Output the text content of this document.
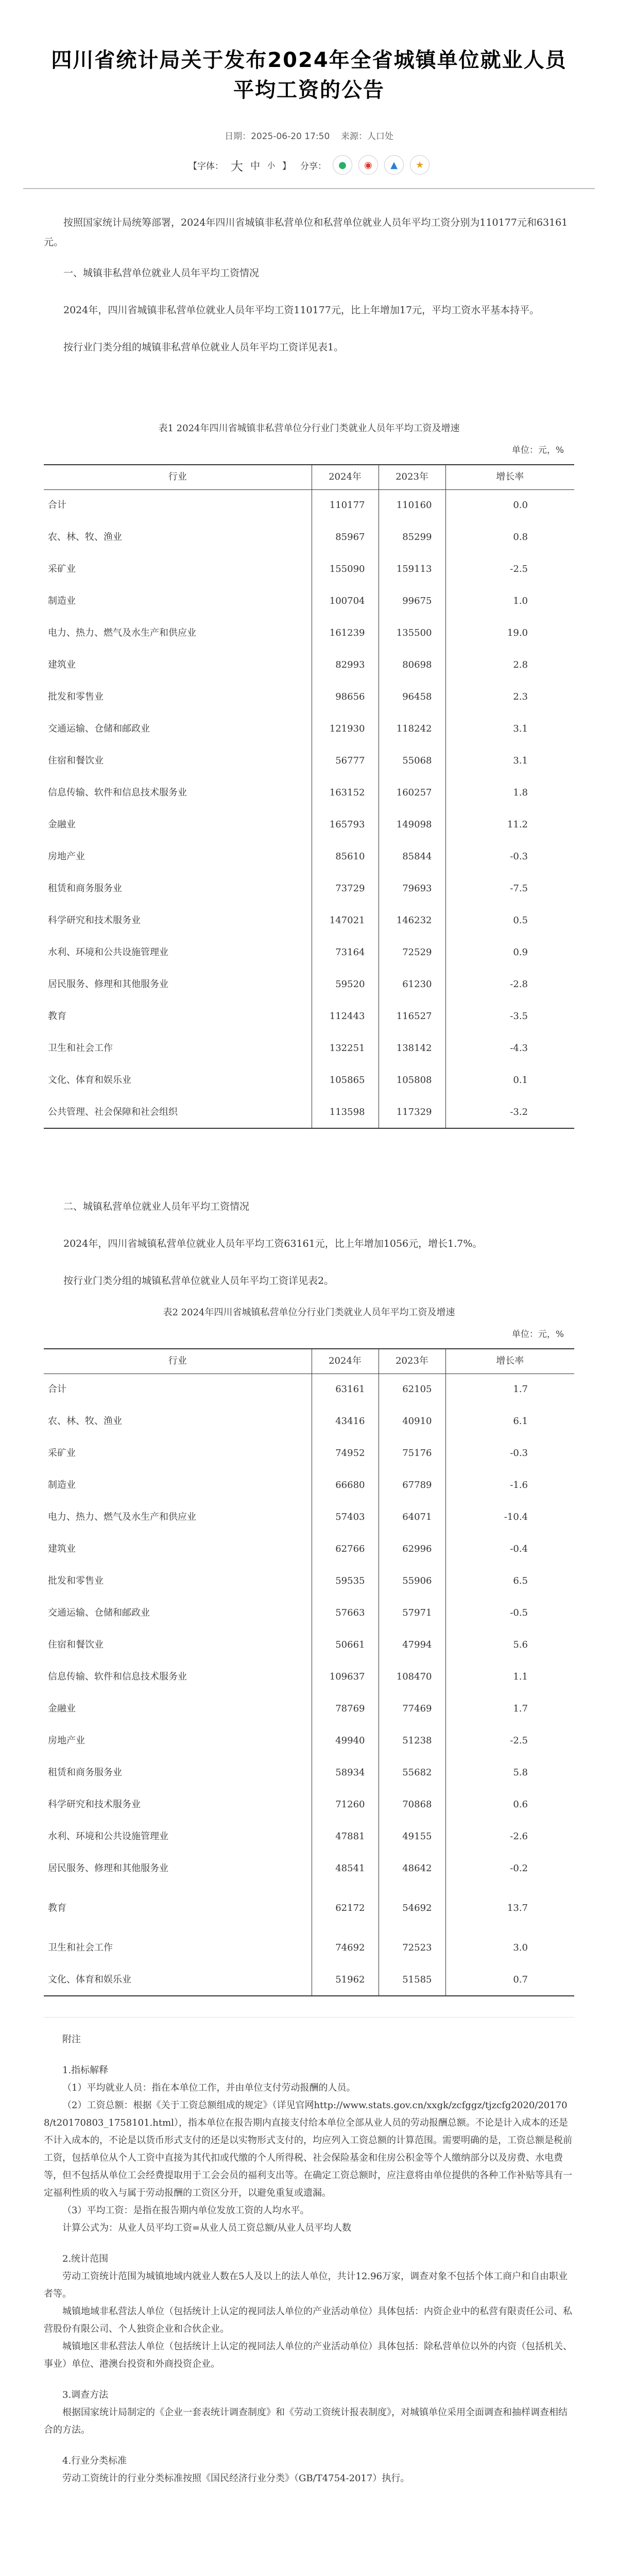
四川省统计局关于发布2024年全省城镇单位就业人员平均工资的公告
日期：2025-06-20 17:50 来源：人口处
【字体： 大 中 小 】 分享：	●	◉	▲	★

按照国家统计局统筹部署，2024年四川省城镇非私营单位和私营单位就业人员年平均工资分别为110177元和63161元。

一、城镇非私营单位就业人员年平均工资情况

2024年，四川省城镇非私营单位就业人员年平均工资110177元，比上年增加17元，平均工资水平基本持平。

按行业门类分组的城镇非私营单位就业人员年平均工资详见表1。

表1 2024年四川省城镇非私营单位分行业门类就业人员年平均工资及增速
单位：元，%
行业	2024年	2023年	增长率
合计	110177	110160	0.0
农、林、牧、渔业	85967	85299	0.8
采矿业	155090	159113	-2.5
制造业	100704	99675	1.0
电力、热力、燃气及水生产和供应业	161239	135500	19.0
建筑业	82993	80698	2.8
批发和零售业	98656	96458	2.3
交通运输、仓储和邮政业	121930	118242	3.1
住宿和餐饮业	56777	55068	3.1
信息传输、软件和信息技术服务业	163152	160257	1.8
金融业	165793	149098	11.2
房地产业	85610	85844	-0.3
租赁和商务服务业	73729	79693	-7.5
科学研究和技术服务业	147021	146232	0.5
水利、环境和公共设施管理业	73164	72529	0.9
居民服务、修理和其他服务业	59520	61230	-2.8
教育	112443	116527	-3.5
卫生和社会工作	132251	138142	-4.3
文化、体育和娱乐业	105865	105808	0.1
公共管理、社会保障和社会组织	113598	117329	-3.2

二、城镇私营单位就业人员年平均工资情况

2024年，四川省城镇私营单位就业人员年平均工资63161元，比上年增加1056元，增长1.7%。

按行业门类分组的城镇私营单位就业人员年平均工资详见表2。

表2 2024年四川省城镇私营单位分行业门类就业人员年平均工资及增速
单位：元，%
行业	2024年	2023年	增长率
合计	63161	62105	1.7
农、林、牧、渔业	43416	40910	6.1
采矿业	74952	75176	-0.3
制造业	66680	67789	-1.6
电力、热力、燃气及水生产和供应业	57403	64071	-10.4
建筑业	62766	62996	-0.4
批发和零售业	59535	55906	6.5
交通运输、仓储和邮政业	57663	57971	-0.5
住宿和餐饮业	50661	47994	5.6
信息传输、软件和信息技术服务业	109637	108470	1.1
金融业	78769	77469	1.7
房地产业	49940	51238	-2.5
租赁和商务服务业	58934	55682	5.8
科学研究和技术服务业	71260	70868	0.6
水利、环境和公共设施管理业	47881	49155	-2.6
居民服务、修理和其他服务业	48541	48642	-0.2
教育	62172	54692	13.7
卫生和社会工作	74692	72523	3.0
文化、体育和娱乐业	51962	51585	0.7

附注

1.指标解释

（1）平均就业人员：指在本单位工作，并由单位支付劳动报酬的人员。

（2）工资总额：根据《关于工资总额组成的规定》（详见官网http://www.stats.gov.cn/xxgk/zcfggz/tjzcfg2020/201708/t20170803_1758101.html），指本单位在报告期内直接支付给本单位全部从业人员的劳动报酬总额。不论是计入成本的还是不计入成本的，不论是以货币形式支付的还是以实物形式支付的，均应列入工资总额的计算范围。需要明确的是，工资总额是税前工资，包括单位从个人工资中直接为其代扣或代缴的个人所得税、社会保险基金和住房公积金等个人缴纳部分以及房费、水电费等，但不包括从单位工会经费提取用于工会会员的福利支出等。在确定工资总额时，应注意将由单位提供的各种工作补贴等具有一定福利性质的收入与属于劳动报酬的工资区分开，以避免重复或遗漏。

（3）平均工资：是指在报告期内单位发放工资的人均水平。

计算公式为：从业人员平均工资=从业人员工资总额/从业人员平均人数

2.统计范围

劳动工资统计范围为城镇地域内就业人数在5人及以上的法人单位，共计12.96万家，调查对象不包括个体工商户和自由职业者等。

城镇地域非私营法人单位（包括统计上认定的视同法人单位的产业活动单位）具体包括：内资企业中的私营有限责任公司、私营股份有限公司、个人独资企业和合伙企业。

城镇地区非私营法人单位（包括统计上认定的视同法人单位的产业活动单位）具体包括：除私营单位以外的内资（包括机关、事业）单位、港澳台投资和外商投资企业。

3.调查方法

根据国家统计局制定的《企业一套表统计调查制度》和《劳动工资统计报表制度》，对城镇单位采用全面调查和抽样调查相结合的方法。

4.行业分类标准

劳动工资统计的行业分类标准按照《国民经济行业分类》（GB/T4754-2017）执行。
